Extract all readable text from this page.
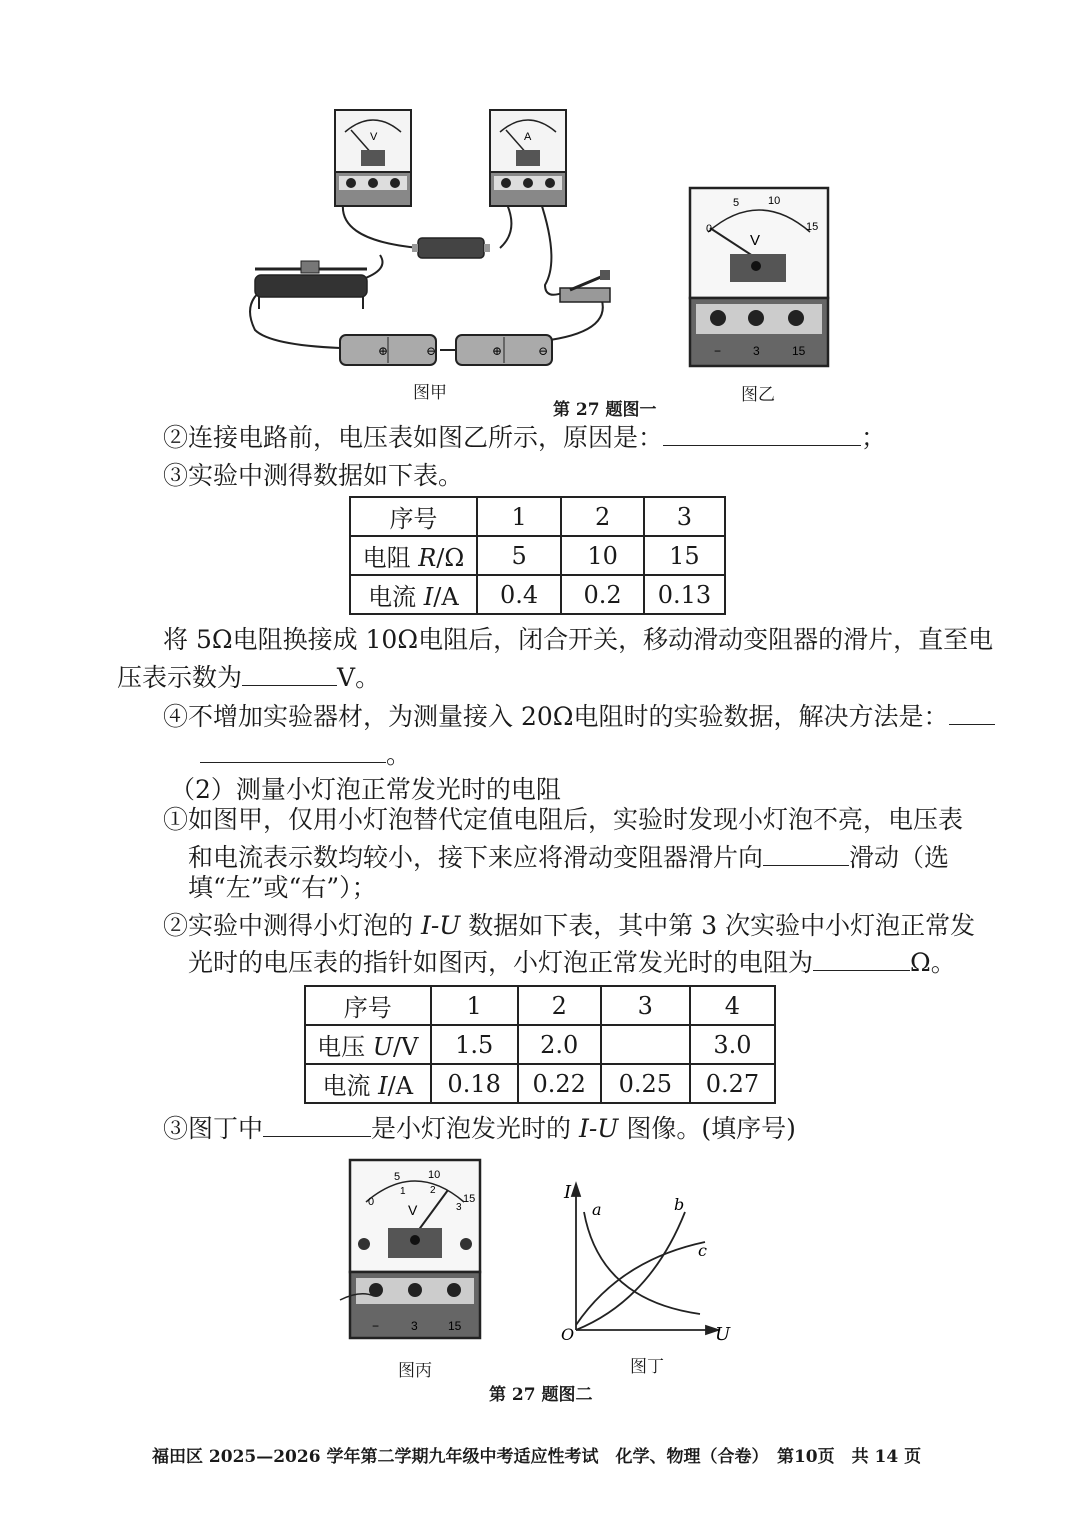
V	A
⊕	⊖	⊕	⊖
V
0
5	10
15
−	3	15
图甲	图乙
第 27 题图一
②连接电路前，电压表如图乙所示，原因是：	；
③实验中测得数据如下表。
序号	1	2	3
电阻 R/Ω	5	10	15
电流 I/A	0.4	0.2	0.13
将 5Ω电阻换接成 10Ω电阻后，闭合开关，移动滑动变阻器的滑片，直至电
压表示数为	V。
④不增加实验器材，为测量接入 20Ω电阻时的实验数据，解决方法是：
。
（2）测量小灯泡正常发光时的电阻
①如图甲，仅用小灯泡替代定值电阻后，实验时发现小灯泡不亮，电压表
和电流表示数均较小，接下来应将滑动变阻器滑片向	滑动（选
填“左”或“右”）；
②实验中测得小灯泡的 I-U 数据如下表，其中第 3 次实验中小灯泡正常发
光时的电压表的指针如图丙，小灯泡正常发光时的电阻为	Ω。
序号	1	2	3	4
电压 U/V	1.5	2.0		3.0
电流 I/A	0.18	0.22	0.25	0.27
③图丁中	是小灯泡发光时的 I-U 图像。(填序号)
V
0
5	10
15
1 2
3
−	3	15
I
U
O
a	b
c
图丙	图丁
第 27 题图二
福田区 2025—2026 学年第二学期九年级中考适应性考试　化学、物理（合卷）　第10页　共 14 页
